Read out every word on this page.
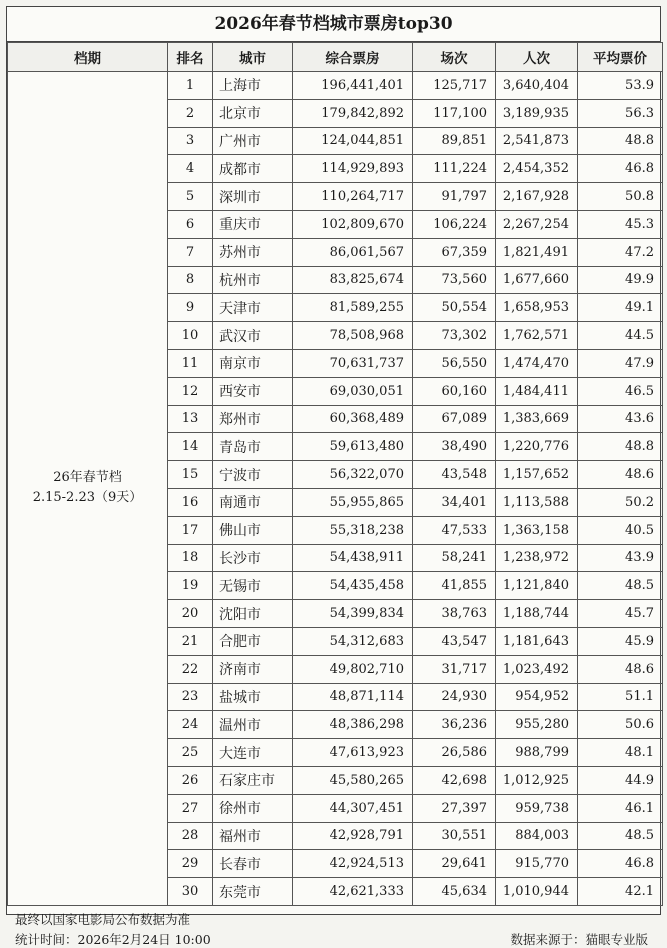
2026年春节档城市票房top30
档期	排名	城市	综合票房	场次	人次	平均票价

26年春节档
2.15-2.23（9天）	1	上海市	196,441,401	125,717	3,640,404	53.9
	2	北京市	179,842,892	117,100	3,189,935	56.3
	3	广州市	124,044,851	89,851	2,541,873	48.8
	4	成都市	114,929,893	111,224	2,454,352	46.8
	5	深圳市	110,264,717	91,797	2,167,928	50.8
	6	重庆市	102,809,670	106,224	2,267,254	45.3
	7	苏州市	86,061,567	67,359	1,821,491	47.2
	8	杭州市	83,825,674	73,560	1,677,660	49.9
	9	天津市	81,589,255	50,554	1,658,953	49.1
	10	武汉市	78,508,968	73,302	1,762,571	44.5
	11	南京市	70,631,737	56,550	1,474,470	47.9
	12	西安市	69,030,051	60,160	1,484,411	46.5
	13	郑州市	60,368,489	67,089	1,383,669	43.6
	14	青岛市	59,613,480	38,490	1,220,776	48.8
	15	宁波市	56,322,070	43,548	1,157,652	48.6
	16	南通市	55,955,865	34,401	1,113,588	50.2
	17	佛山市	55,318,238	47,533	1,363,158	40.5
	18	长沙市	54,438,911	58,241	1,238,972	43.9
	19	无锡市	54,435,458	41,855	1,121,840	48.5
	20	沈阳市	54,399,834	38,763	1,188,744	45.7
	21	合肥市	54,312,683	43,547	1,181,643	45.9
	22	济南市	49,802,710	31,717	1,023,492	48.6
	23	盐城市	48,871,114	24,930	954,952	51.1
	24	温州市	48,386,298	36,236	955,280	50.6
	25	大连市	47,613,923	26,586	988,799	48.1
	26	石家庄市	45,580,265	42,698	1,012,925	44.9
	27	徐州市	44,307,451	27,397	959,738	46.1
	28	福州市	42,928,791	30,551	884,003	48.5
	29	长春市	42,924,513	29,641	915,770	46.8
	30	东莞市	42,621,333	45,634	1,010,944	42.1
最终以国家电影局公布数据为准
统计时间：2026年2月24日 10:00	数据来源于：猫眼专业版
